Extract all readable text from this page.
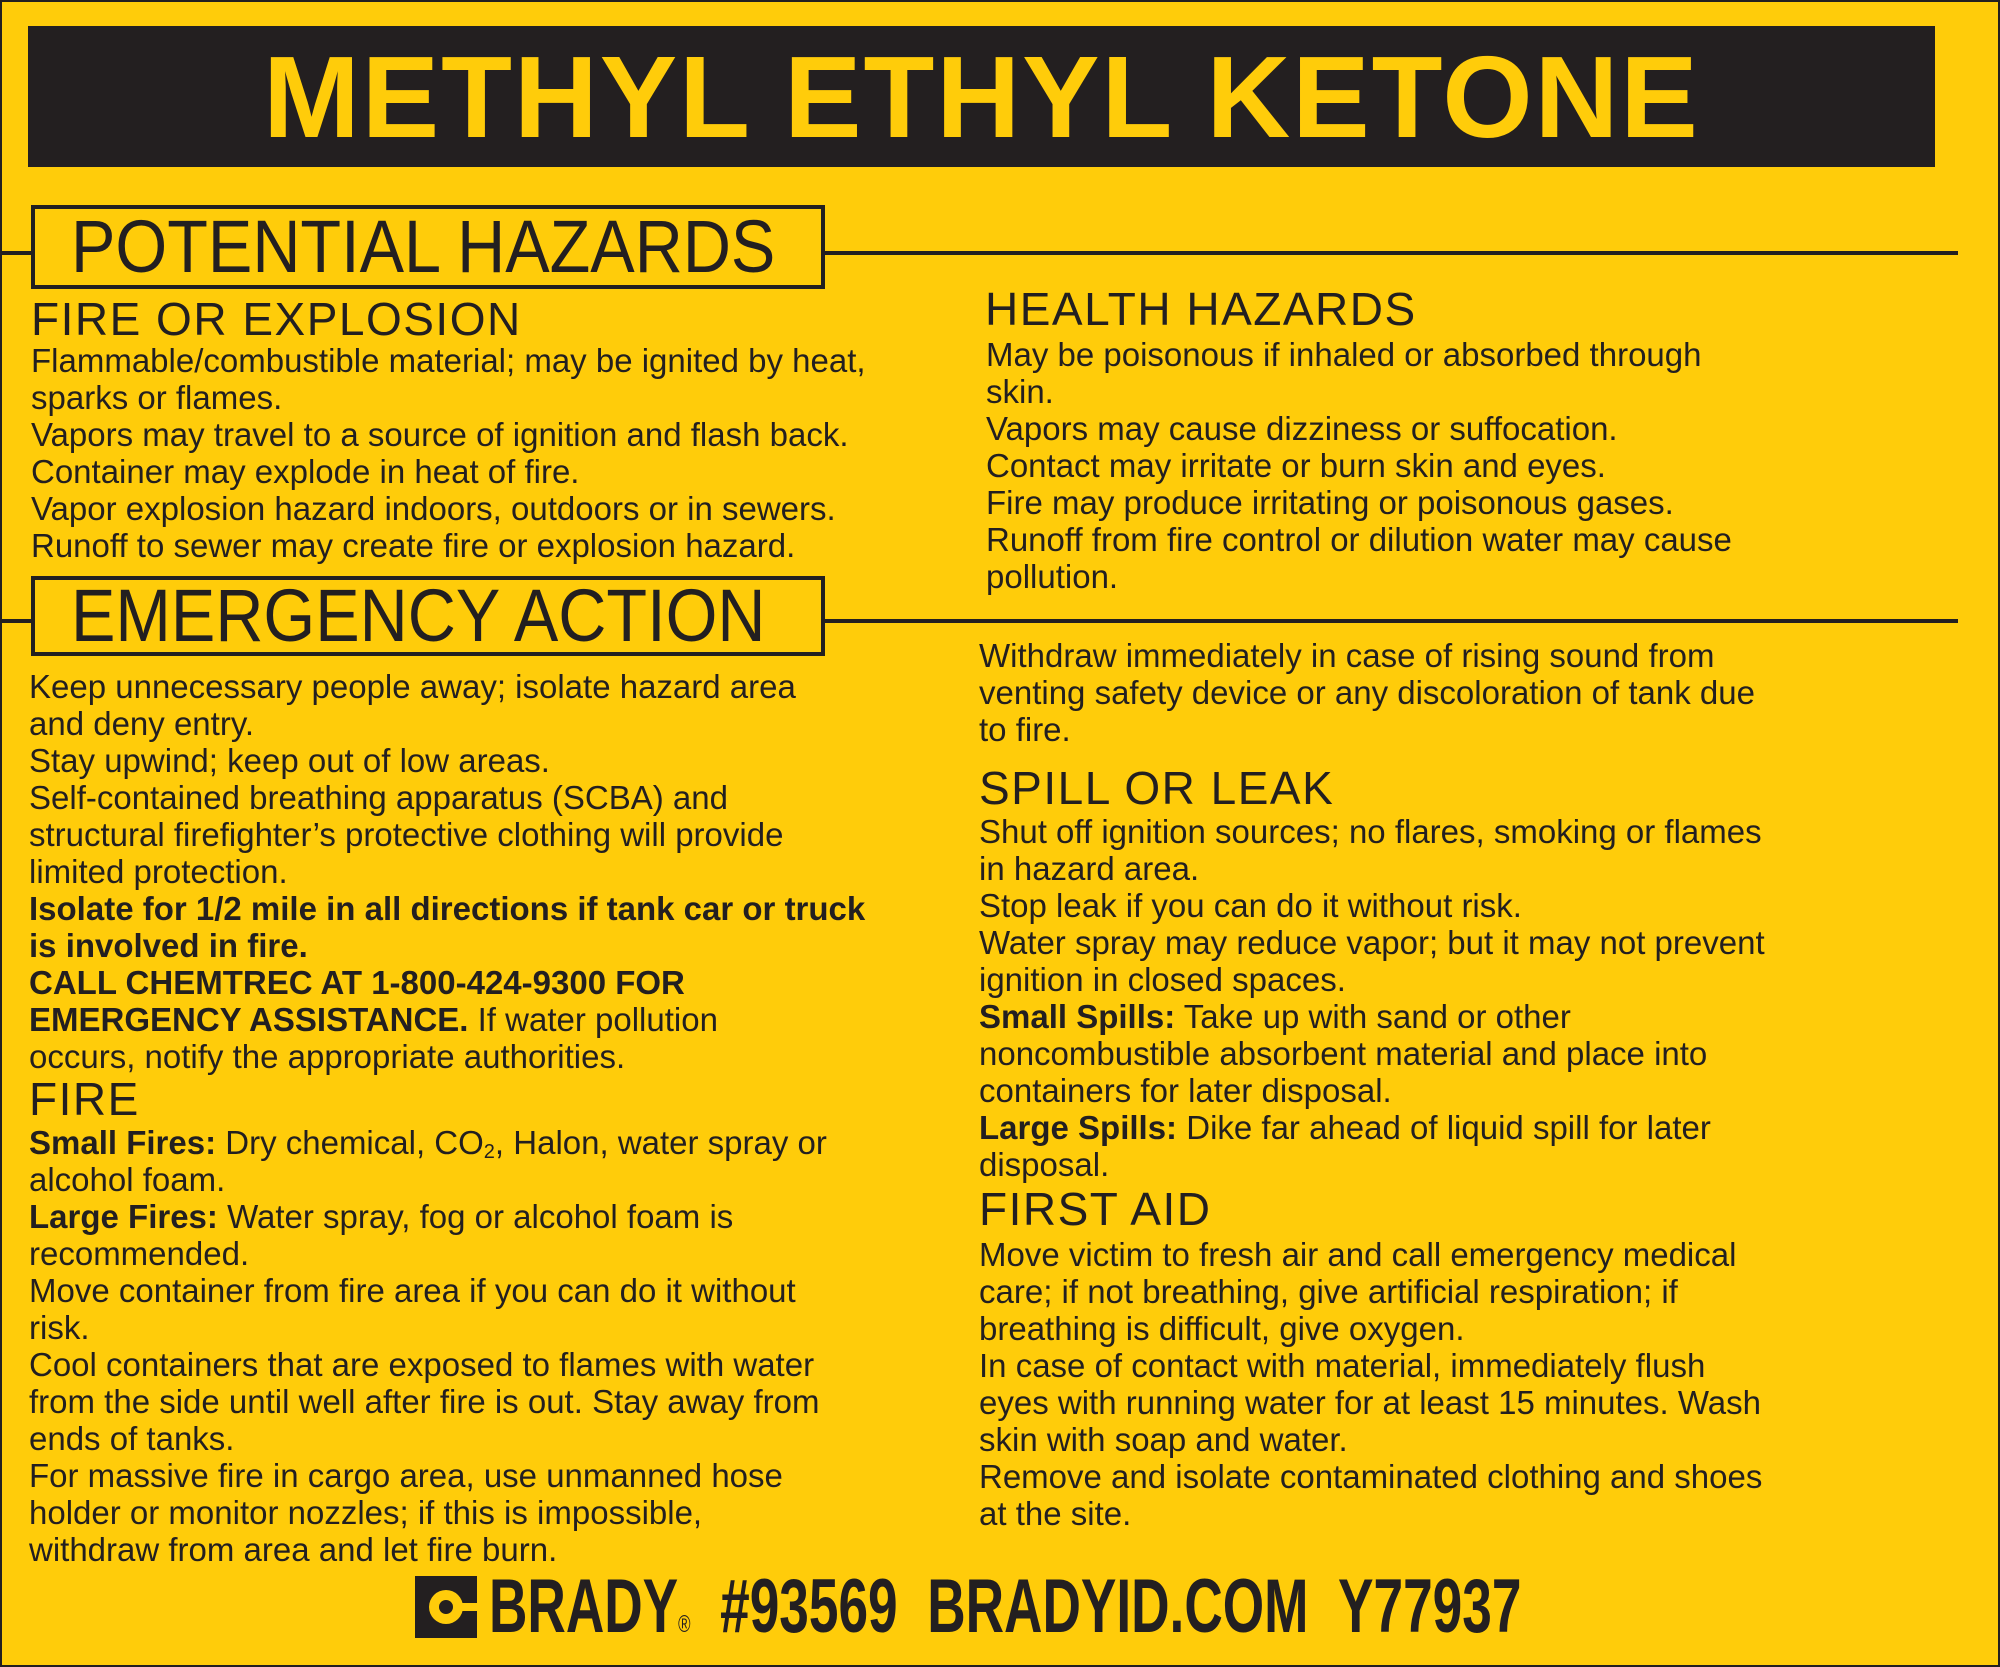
METHYL ETHYL KETONE
POTENTIAL HAZARDS
FIRE OR EXPLOSION
Flammable/combustible material; may be ignited by heat,
sparks or flames.
Vapors may travel to a source of ignition and flash back.
Container may explode in heat of fire.
Vapor explosion hazard indoors, outdoors or in sewers.
Runoff to sewer may create fire or explosion hazard.
HEALTH HAZARDS
May be poisonous if inhaled or absorbed through
skin.
Vapors may cause dizziness or suffocation.
Contact may irritate or burn skin and eyes.
Fire may produce irritating or poisonous gases.
Runoff from fire control or dilution water may cause
pollution.
EMERGENCY ACTION
Keep unnecessary people away; isolate hazard area
and deny entry.
Stay upwind; keep out of low areas.
Self-contained breathing apparatus (SCBA) and
structural firefighter’s protective clothing will provide
limited protection.
Isolate for 1/2 mile in all directions if tank car or truck
is involved in fire.
CALL CHEMTREC AT 1-800-424-9300 FOR
EMERGENCY ASSISTANCE. If water pollution
occurs, notify the appropriate authorities.
FIRE
Small Fires: Dry chemical, $CO_2$, Halon, water spray or
alcohol foam.
Large Fires: Water spray, fog or alcohol foam is
recommended.
Move container from fire area if you can do it without
risk.
Cool containers that are exposed to flames with water
from the side until well after fire is out. Stay away from
ends of tanks.
For massive fire in cargo area, use unmanned hose
holder or monitor nozzles; if this is impossible,
withdraw from area and let fire burn.
Withdraw immediately in case of rising sound from
venting safety device or any discoloration of tank due
to fire.
SPILL OR LEAK
Shut off ignition sources; no flares, smoking or flames
in hazard area.
Stop leak if you can do it without risk.
Water spray may reduce vapor; but it may not prevent
ignition in closed spaces.
Small Spills: Take up with sand or other
noncombustible absorbent material and place into
containers for later disposal.
Large Spills: Dike far ahead of liquid spill for later
disposal.
FIRST AID
Move victim to fresh air and call emergency medical
care; if not breathing, give artificial respiration; if
breathing is difficult, give oxygen.
In case of contact with material, immediately flush
eyes with running water for at least 15 minutes. Wash
skin with soap and water.
Remove and isolate contaminated clothing and shoes
at the site.
BRADY® #93569 BRADYID.COM Y77937
